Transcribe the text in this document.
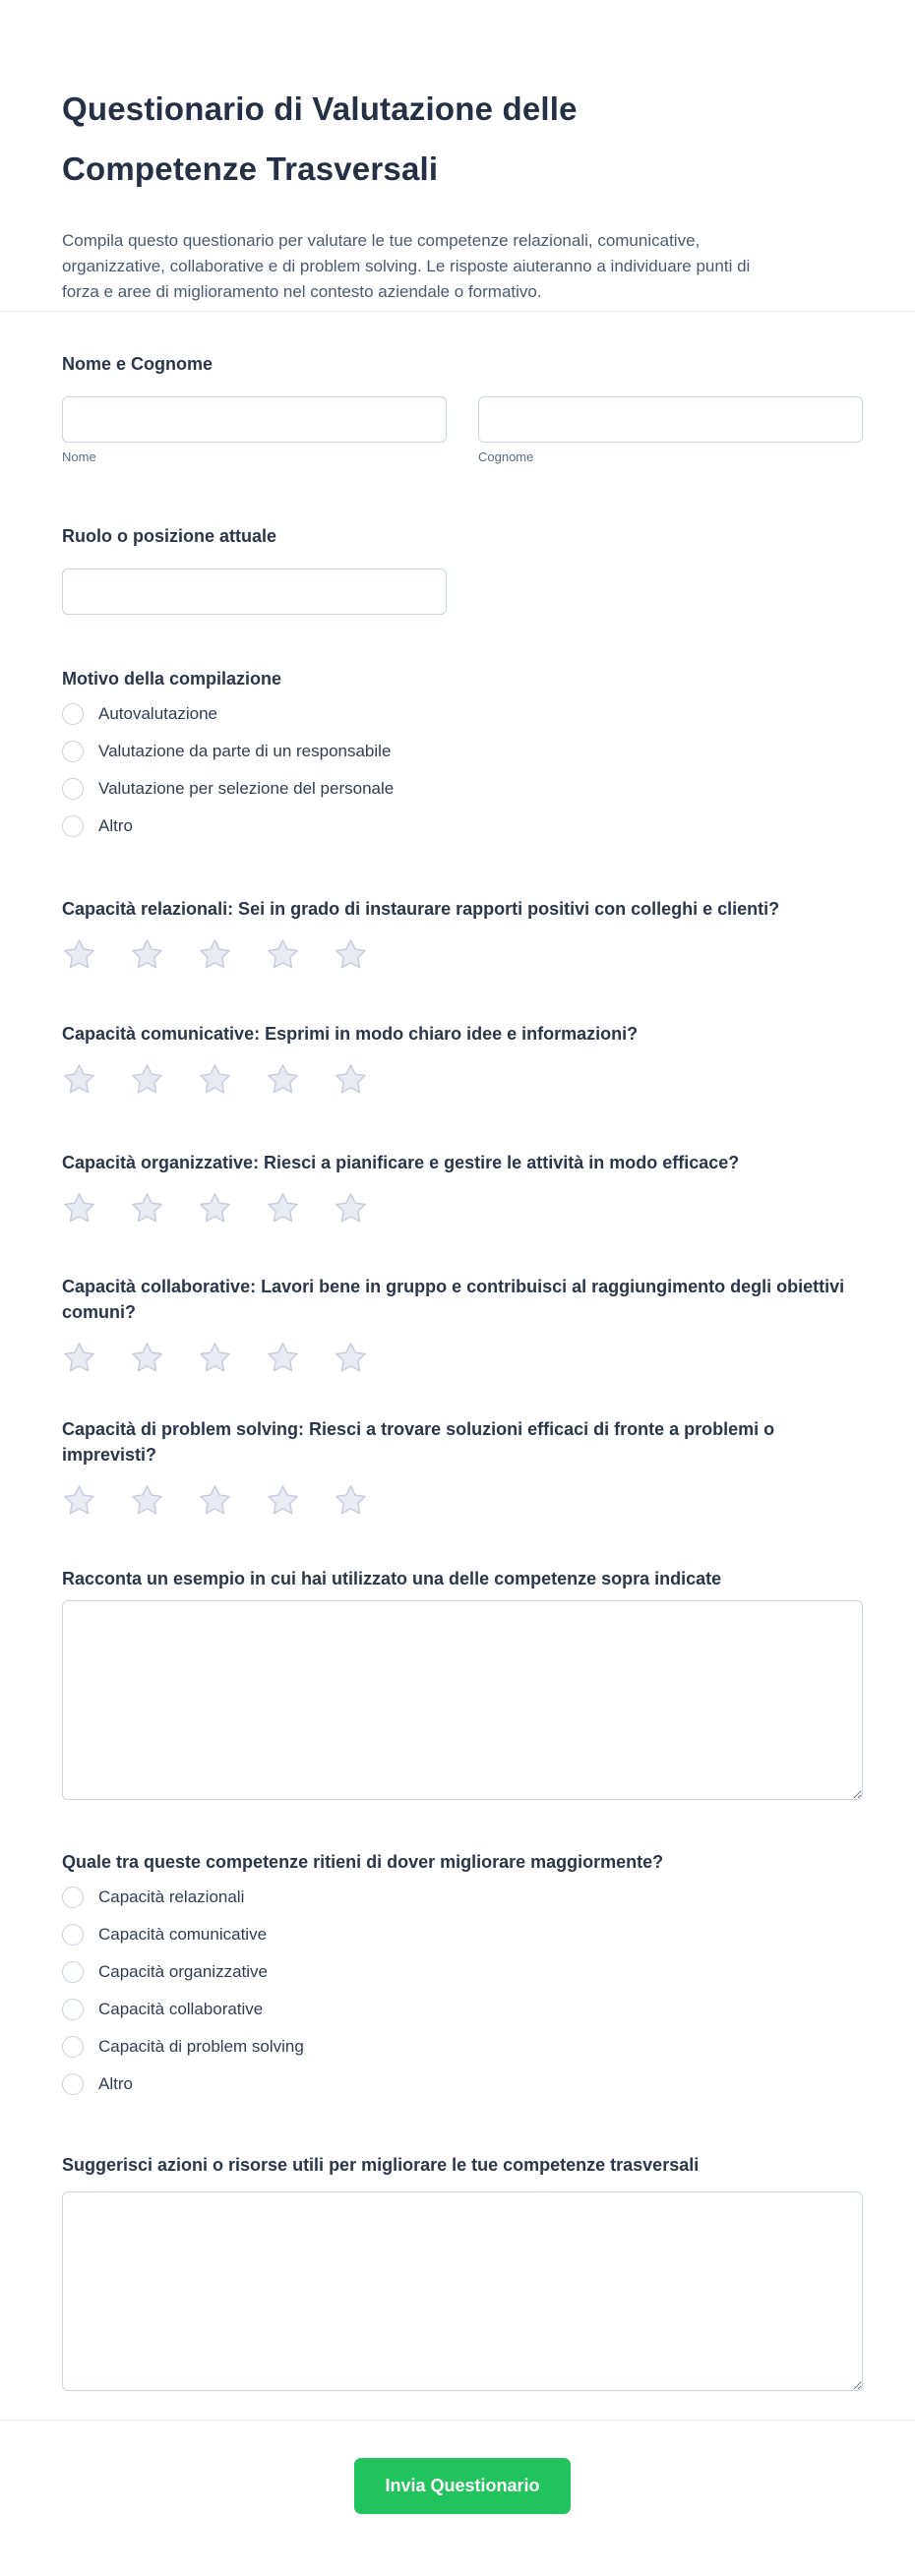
Questionario di Valutazione delle Competenze Trasversali

Compila questo questionario per valutare le tue competenze relazionali, comunicative, organizzative, collaborative e di problem solving. Le risposte aiuteranno a individuare punti di forza e aree di miglioramento nel contesto aziendale o formativo.

Nome e Cognome
Nome	Cognome
Ruolo o posizione attuale
Motivo della compilazione
Autovalutazione
Valutazione da parte di un responsabile
Valutazione per selezione del personale
Altro
Capacità relazionali: Sei in grado di instaurare rapporti positivi con colleghi e clienti?
Capacità comunicative: Esprimi in modo chiaro idee e informazioni?
Capacità organizzative: Riesci a pianificare e gestire le attività in modo efficace?
Capacità collaborative: Lavori bene in gruppo e contribuisci al raggiungimento degli obiettivi comuni?
Capacità di problem solving: Riesci a trovare soluzioni efficaci di fronte a problemi o imprevisti?
Racconta un esempio in cui hai utilizzato una delle competenze sopra indicate
Quale tra queste competenze ritieni di dover migliorare maggiormente?
Capacità relazionali
Capacità comunicative
Capacità organizzative
Capacità collaborative
Capacità di problem solving
Altro
Suggerisci azioni o risorse utili per migliorare le tue competenze trasversali
Invia Questionario
